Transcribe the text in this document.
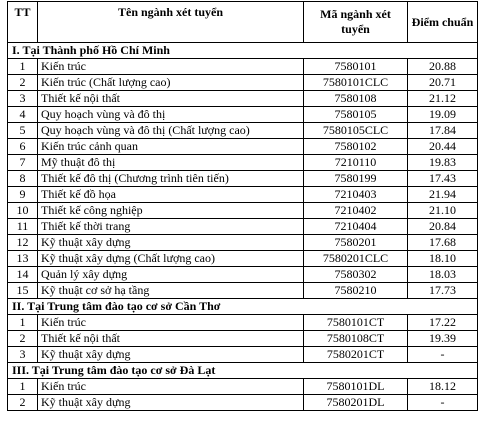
TT	Tên ngành xét tuyển	Mã ngành xét tuyển	Điểm chuẩn
I. Tại Thành phố Hồ Chí Minh			
1	Kiến trúc	7580101	20.88
2	Kiến trúc (Chất lượng cao)	7580101CLC	20.71
3	Thiết kế nội thất	7580108	21.12
4	Quy hoạch vùng và đô thị	7580105	19.09
5	Quy hoạch vùng và đô thị (Chất lượng cao)	7580105CLC	17.84
6	Kiến trúc cảnh quan	7580102	20.44
7	Mỹ thuật đô thị	7210110	19.83
8	Thiết kế đô thị (Chương trình tiên tiến)	7580199	17.43
9	Thiết kế đồ họa	7210403	21.94
10	Thiết kế công nghiệp	7210402	21.10
11	Thiết kế thời trang	7210404	20.84
12	Kỹ thuật xây dựng	7580201	17.68
13	Kỹ thuật xây dựng (Chất lượng cao)	7580201CLC	18.10
14	Quản lý xây dựng	7580302	18.03
15	Kỹ thuật cơ sở hạ tầng	7580210	17.73
II. Tại Trung tâm đào tạo cơ sở Cần Thơ			
1	Kiến trúc	7580101CT	17.22
2	Thiết kế nội thất	7580108CT	19.39
3	Kỹ thuật xây dựng	7580201CT	-
III. Tại Trung tâm đào tạo cơ sở Đà Lạt			
1	Kiến trúc	7580101DL	18.12
2	Kỹ thuật xây dựng	7580201DL	-
